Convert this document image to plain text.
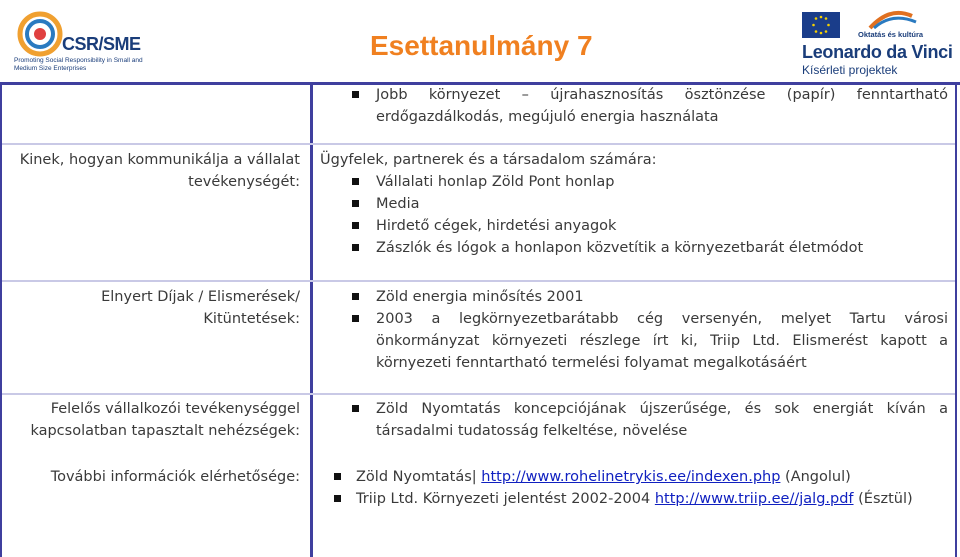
CSR/SME
Promoting Social Responsibility in Small and Medium Size Enterprises
Esettanulmány 7	Oktatás és kultúra
Leonardo da Vinci
Kísérleti projektek
Jobb környezet – újrahasznosítás ösztönzése (papír) fenntartható erdőgazdálkodás, megújuló energia használata
Kinek, hogyan kommunikálja a vállalat tevékenységét:
Ügyfelek, partnerek és a társadalom számára:
Vállalati honlap Zöld Pont honlap
Media
Hirdető cégek, hirdetési anyagok
Zászlók és lógok a honlapon közvetítik a környezetbarát életmódot
Elnyert Díjak / Elismerések/ Kitüntetések:
Zöld energia minősítés 2001
2003 a legkörnyezetbarátabb cég versenyén, melyet Tartu városi önkormányzat környezeti részlege írt ki, Triip Ltd. Elismerést kapott a környezeti fenntartható termelési folyamat megalkotásáért
Felelős vállalkozói tevékenységgel kapcsolatban tapasztalt nehézségek:
Zöld Nyomtatás koncepciójának újszerűsége, és sok energiát kíván a társadalmi tudatosság felkeltése, növelése
További információk elérhetősége:	Zöld Nyomtatás| http://www.rohelinetrykis.ee/indexen.php (Angolul)
Triip Ltd. Környezeti jelentést 2002-2004 http://www.triip.ee//jalg.pdf (Észtül)
